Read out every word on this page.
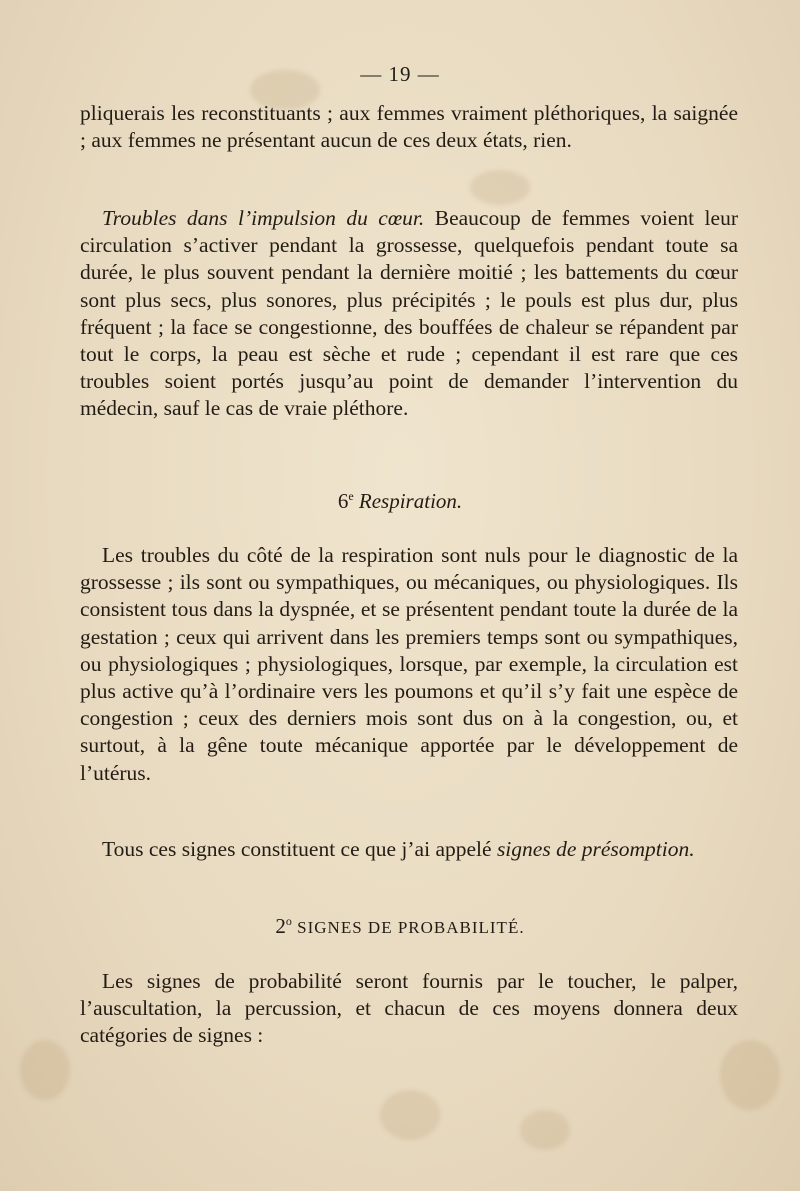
— 19 —

pliquerais les reconstituants ; aux femmes vraiment pléthoriques, la saignée ; aux femmes ne présentant aucun de ces deux états, rien.

Troubles dans l’impulsion du cœur. Beaucoup de femmes voient leur circulation s’activer pendant la grossesse, quelquefois pendant toute sa durée, le plus souvent pendant la dernière moitié ; les battements du cœur sont plus secs, plus sonores, plus précipités ; le pouls est plus dur, plus fréquent ; la face se congestionne, des bouffées de chaleur se répandent par tout le corps, la peau est sèche et rude ; cependant il est rare que ces troubles soient portés jusqu’au point de demander l’intervention du médecin, sauf le cas de vraie pléthore.

6e Respiration.

Les troubles du côté de la respiration sont nuls pour le diagnostic de la grossesse ; ils sont ou sympathiques, ou mécaniques, ou physiologiques. Ils consistent tous dans la dyspnée, et se présentent pendant toute la durée de la gestation ; ceux qui arrivent dans les premiers temps sont ou sympathiques, ou physiologiques ; physiologiques, lorsque, par exemple, la circulation est plus active qu’à l’ordinaire vers les poumons et qu’il s’y fait une espèce de congestion ; ceux des derniers mois sont dus on à la congestion, ou, et surtout, à la gêne toute mécanique apportée par le développement de l’utérus.

Tous ces signes constituent ce que j’ai appelé signes de présomption.

2$^o$ SIGNES DE PROBABILITÉ.

Les signes de probabilité seront fournis par le toucher, le palper, l’auscultation, la percussion, et chacun de ces moyens donnera deux catégories de signes :
